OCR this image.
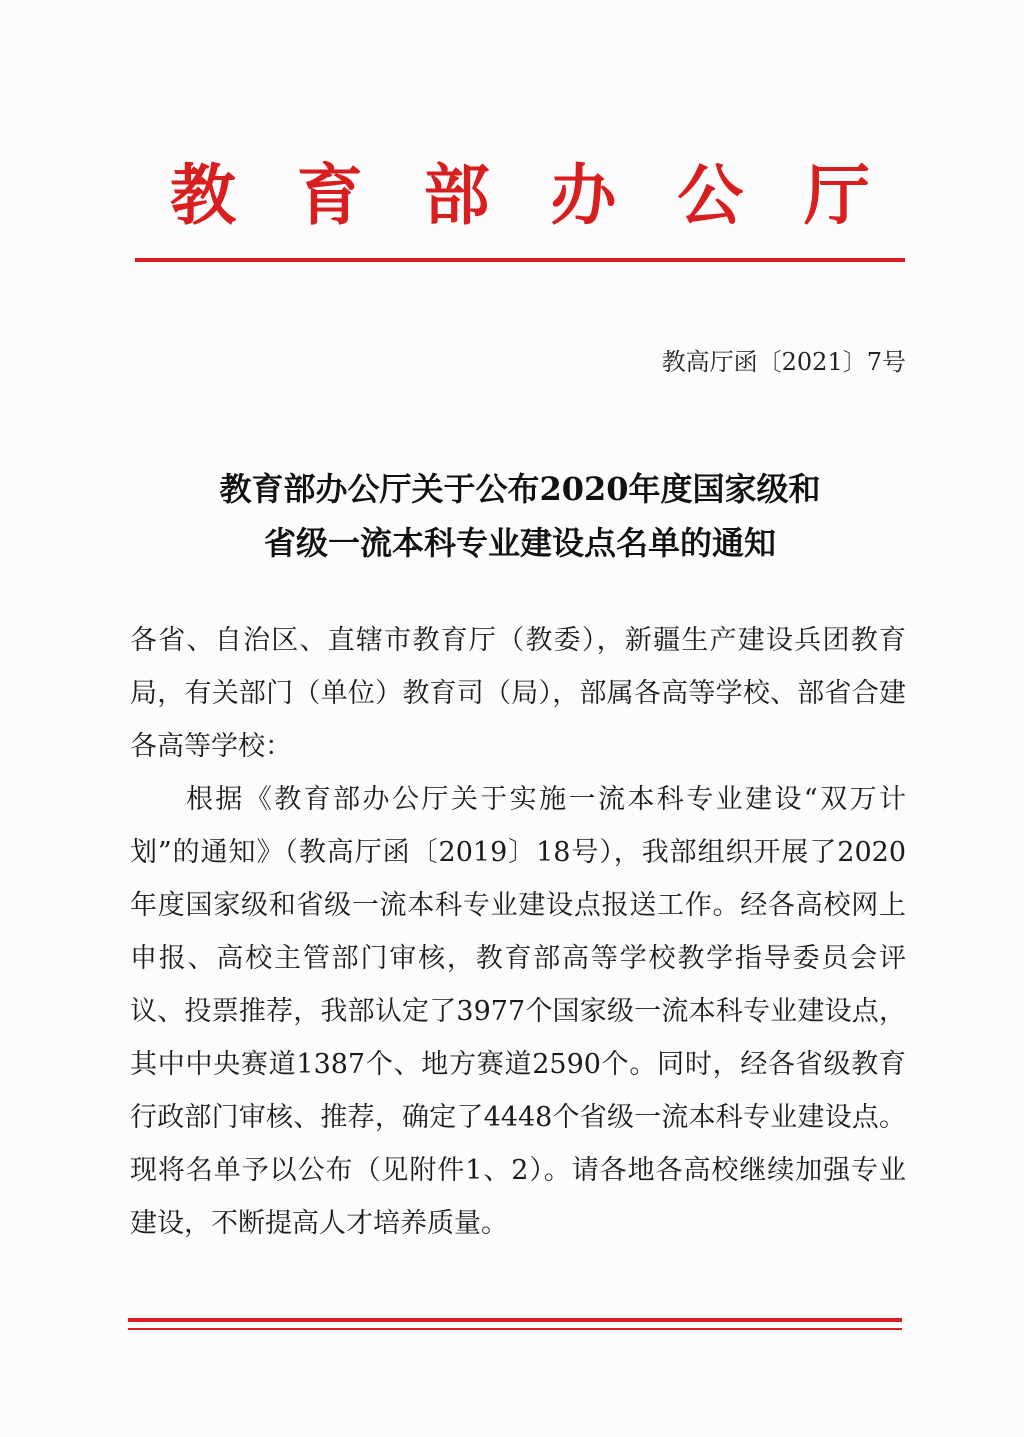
教 育 部 办 公 厅
教高厅函〔2021〕7号
教育部办公厅关于公布2020年度国家级和
省级一流本科专业建设点名单的通知

各省、自治区、直辖市教育厅（教委），新疆生产建设兵团教育局，有关部门（单位）教育司（局），部属各高等学校、部省合建各高等学校：

根据《教育部办公厅关于实施一流本科专业建设“双万计划”的通知》（教高厅函〔2019〕18号），我部组织开展了2020年度国家级和省级一流本科专业建设点报送工作。经各高校网上申报、高校主管部门审核，教育部高等学校教学指导委员会评议、投票推荐，我部认定了3977个国家级一流本科专业建设点，其中中央赛道1387个、地方赛道2590个。同时，经各省级教育行政部门审核、推荐，确定了4448个省级一流本科专业建设点。现将名单予以公布（见附件1、2）。请各地各高校继续加强专业建设，不断提高人才培养质量。
